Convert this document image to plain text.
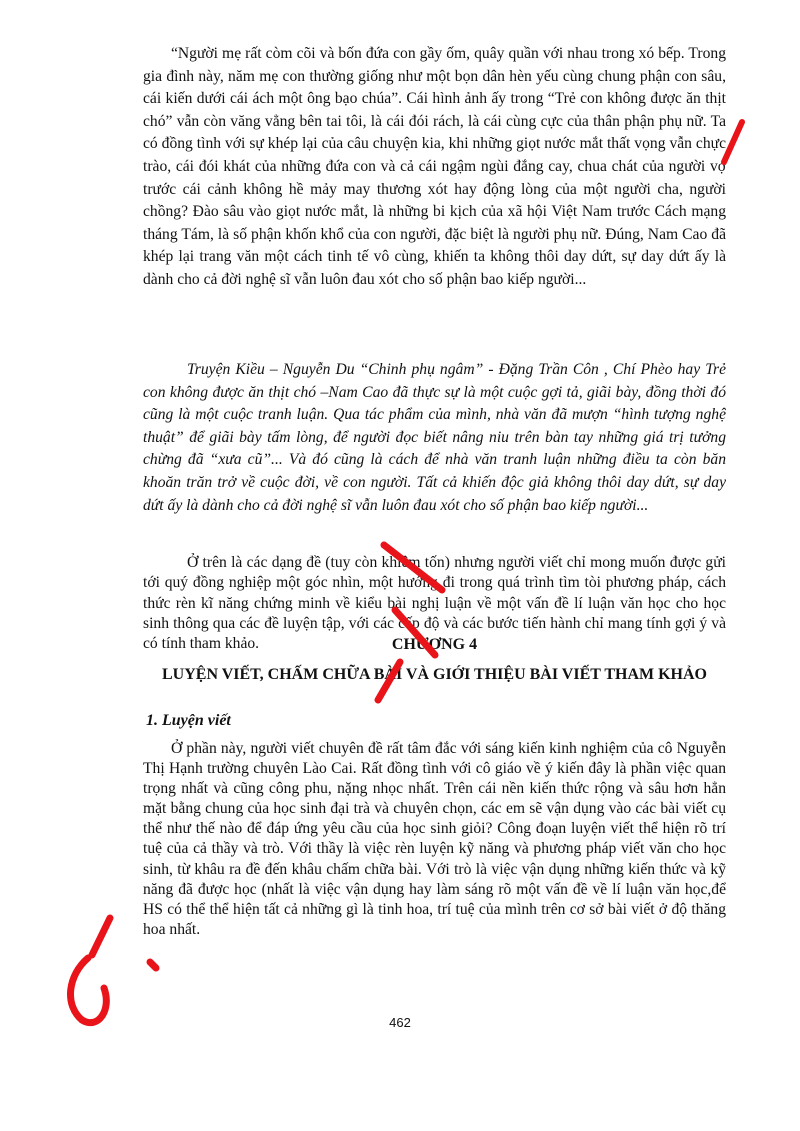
“Người mẹ rất còm cõi và bốn đứa con gầy ốm, quây quần với nhau trong xó bếp. Trong gia đình này, năm mẹ con thường giống như một bọn dân hèn yếu cùng chung phận con sâu, cái kiến dưới cái ách một ông bạo chúa”. Cái hình ảnh ấy trong “Trẻ con không được ăn thịt chó” vẫn còn văng vẳng bên tai tôi, là cái đói rách, là cái cùng cực của thân phận phụ nữ. Ta có đồng tình với sự khép lại của câu chuyện kia, khi những giọt nước mắt thất vọng vẫn chực trào, cái đói khát của những đứa con và cả cái ngậm ngùi đắng cay, chua chát của người vợ trước cái cảnh không hề mảy may thương xót hay động lòng của một người cha, người chồng? Đào sâu vào giọt nước mắt, là những bi kịch của xã hội Việt Nam trước Cách mạng tháng Tám, là số phận khốn khổ của con người, đặc biệt là người phụ nữ. Đúng, Nam Cao đã khép lại trang văn một cách tinh tế vô cùng, khiến ta không thôi day dứt, sự day dứt ấy là dành cho cả đời nghệ sĩ vẫn luôn đau xót cho số phận bao kiếp người...

Truyện Kiều – Nguyễn Du “Chinh phụ ngâm” - Đặng Trần Côn , Chí Phèo hay Trẻ con không được ăn thịt chó –Nam Cao đã thực sự là một cuộc gợi tả, giãi bày, đồng thời đó cũng là một cuộc tranh luận. Qua tác phẩm của mình, nhà văn đã mượn “hình tượng nghệ thuật” để giãi bày tấm lòng, để người đọc biết nâng niu trên bàn tay những giá trị tưởng chừng đã “xưa cũ”... Và đó cũng là cách để nhà văn tranh luận những điều ta còn băn khoăn trăn trở về cuộc đời, về con người. Tất cả khiến độc giả không thôi day dứt, sự day dứt ấy là dành cho cả đời nghệ sĩ vẫn luôn đau xót cho số phận bao kiếp người...

Ở trên là các dạng đề (tuy còn khiêm tốn) nhưng người viết chỉ mong muốn được gửi tới quý đồng nghiệp một góc nhìn, một hướng đi trong quá trình tìm tòi phương pháp, cách thức rèn kĩ năng chứng minh về kiểu bài nghị luận về một vấn đề lí luận văn học cho học sinh thông qua các đề luyện tập, với các cấp độ và các bước tiến hành chỉ mang tính gợi ý và có tính tham khảo.	CHƯƠNG 4

LUYỆN VIẾT, CHẤM CHỮA BÀI VÀ GIỚI THIỆU BÀI VIẾT THAM KHẢO

1. Luyện viết

Ở phần này, người viết chuyên đề rất tâm đắc với sáng kiến kinh nghiệm của cô Nguyễn Thị Hạnh trường chuyên Lào Cai. Rất đồng tình với cô giáo về ý kiến đây là phần việc quan trọng nhất và cũng công phu, nặng nhọc nhất. Trên cái nền kiến thức rộng và sâu hơn hẳn mặt bằng chung của học sinh đại trà và chuyên chọn, các em sẽ vận dụng vào các bài viết cụ thể như thế nào để đáp ứng yêu cầu của học sinh giỏi? Công đoạn luyện viết thể hiện rõ trí tuệ của cả thầy và trò. Với thầy là việc rèn luyện kỹ năng và phương pháp viết văn cho học sinh, từ khâu ra đề đến khâu chấm chữa bài. Với trò là việc vận dụng những kiến thức và kỹ năng đã được học (nhất là việc vận dụng hay làm sáng rõ một vấn đề về lí luận văn học,để HS có thể thể hiện tất cả những gì là tinh hoa, trí tuệ của mình trên cơ sở bài viết ở độ thăng hoa nhất.

462
